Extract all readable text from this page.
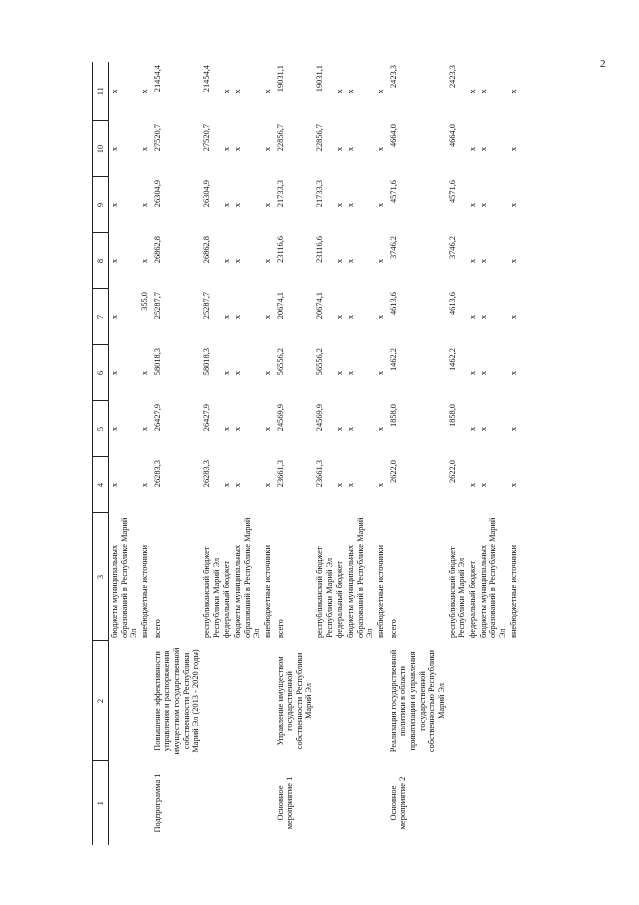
2
1	2	3	4	5	6	7	8	9	10	11
		бюджеты муниципальных образований в Республике Марий Эл	x	x	x	x	x	x	x	x
		внебюджетные источники	x	x	x	355,0	x	x	x	x
Подпрограмма 1	Повышение эффективности управления и распоряжения имуществом государственной собственности Республики Марий Эл (2013 - 2020 годы)	всего	26283,3	26427,9	58018,3	25287,7	26862,8	26304,9	27520,7	21454,4
		республиканский бюджет Республики Марий Эл	26283,3	26427,9	58018,3	25287,7	26862,8	26304,9	27520,7	21454,4
		федеральный бюджет	x	x	x	x	x	x	x	x
		бюджеты муниципальных образований в Республике Марий Эл	x	x	x	x	x	x	x	x
		внебюджетные источники	x	x	x	x	x	x	x	x
Основное мероприятие 1	Управление имуществом государственной собственности Республики Марий Эл	всего	23661,3	24569,9	56556,2	20674,1	23116,6	21733,3	22856,7	19031,1
		республиканский бюджет Республики Марий Эл	23661,3	24569,9	56556,2	20674,1	23116,6	21733,3	22856,7	19031,1
		федеральный бюджет	x	x	x	x	x	x	x	x
		бюджеты муниципальных образований в Республике Марий Эл	x	x	x	x	x	x	x	x
		внебюджетные источники	x	x	x	x	x	x	x	x
Основное мероприятие 2	Реализация государственной политики в области приватизации и управления государственной собственностью Республики Марий Эл	всего	2622,0	1858,0	1462,2	4613,6	3746,2	4571,6	4664,0	2423,3
		республиканский бюджет Республики Марий Эл	2622,0	1858,0	1462,2	4613,6	3746,2	4571,6	4664,0	2423,3
		федеральный бюджет	x	x	x	x	x	x	x	x
		бюджеты муниципальных образований в Республике Марий Эл	x	x	x	x	x	x	x	x
		внебюджетные источники	x	x	x	x	x	x	x	x
